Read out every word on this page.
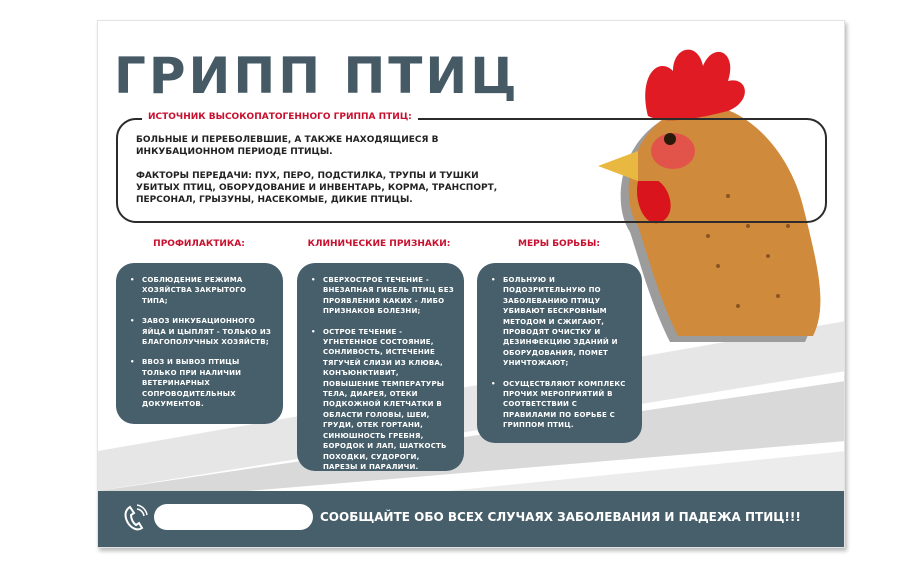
ГРИПП ПТИЦ
ИСТОЧНИК ВЫСОКОПАТОГЕННОГО ГРИППА ПТИЦ:

БОЛЬНЫЕ И ПЕРЕБОЛЕВШИЕ, А ТАКЖЕ НАХОДЯЩИЕСЯ В ИНКУБАЦИОННОМ ПЕРИОДЕ ПТИЦЫ.

ФАКТОРЫ ПЕРЕДАЧИ: ПУХ, ПЕРО, ПОДСТИЛКА, ТРУПЫ И ТУШКИ УБИТЫХ ПТИЦ, ОБОРУДОВАНИЕ И ИНВЕНТАРЬ, КОРМА, ТРАНСПОРТ, ПЕРСОНАЛ, ГРЫЗУНЫ, НАСЕКОМЫЕ, ДИКИЕ ПТИЦЫ.

ПРОФИЛАКТИКА:	КЛИНИЧЕСКИЕ ПРИЗНАКИ:	МЕРЫ БОРЬБЫ:
• СОБЛЮДЕНИЕ РЕЖИМА ХОЗЯЙСТВА ЗАКРЫТОГО ТИПА;
• ЗАВОЗ ИНКУБАЦИОННОГО ЯЙЦА И ЦЫПЛЯТ - ТОЛЬКО ИЗ БЛАГОПОЛУЧНЫХ ХОЗЯЙСТВ;
• ВВОЗ И ВЫВОЗ ПТИЦЫ ТОЛЬКО ПРИ НАЛИЧИИ ВЕТЕРИНАРНЫХ СОПРОВОДИТЕЛЬНЫХ ДОКУМЕНТОВ.
• СВЕРХОСТРОЕ ТЕЧЕНИЕ - ВНЕЗАПНАЯ ГИБЕЛЬ ПТИЦ БЕЗ ПРОЯВЛЕНИЯ КАКИХ - ЛИБО ПРИЗНАКОВ БОЛЕЗНИ;
• ОСТРОЕ ТЕЧЕНИЕ - УГНЕТЕННОЕ СОСТОЯНИЕ, СОНЛИВОСТЬ, ИСТЕЧЕНИЕ ТЯГУЧЕЙ СЛИЗИ ИЗ КЛЮВА, КОНЪЮНКТИВИТ, ПОВЫШЕНИЕ ТЕМПЕРАТУРЫ ТЕЛА, ДИАРЕЯ, ОТЕКИ ПОДКОЖНОЙ КЛЕТЧАТКИ В ОБЛАСТИ ГОЛОВЫ, ШЕИ, ГРУДИ, ОТЕК ГОРТАНИ, СИНЮШНОСТЬ ГРЕБНЯ, БОРОДОК И ЛАП, ШАТКОСТЬ ПОХОДКИ, СУДОРОГИ, ПАРЕЗЫ И ПАРАЛИЧИ.
• БОЛЬНУЮ И ПОДОЗРИТЕЛЬНУЮ ПО ЗАБОЛЕВАНИЮ ПТИЦУ УБИВАЮТ БЕСКРОВНЫМ МЕТОДОМ И СЖИГАЮТ, ПРОВОДЯТ ОЧИСТКУ И ДЕЗИНФЕКЦИЮ ЗДАНИЙ И ОБОРУДОВАНИЯ, ПОМЕТ УНИЧТОЖАЮТ;
• ОСУЩЕСТВЛЯЮТ КОМПЛЕКС ПРОЧИХ МЕРОПРИЯТИЙ В СООТВЕТСТВИИ С ПРАВИЛАМИ ПО БОРЬБЕ С ГРИППОМ ПТИЦ.
СООБЩАЙТЕ ОБО ВСЕХ СЛУЧАЯХ ЗАБОЛЕВАНИЯ И ПАДЕЖА ПТИЦ!!!
